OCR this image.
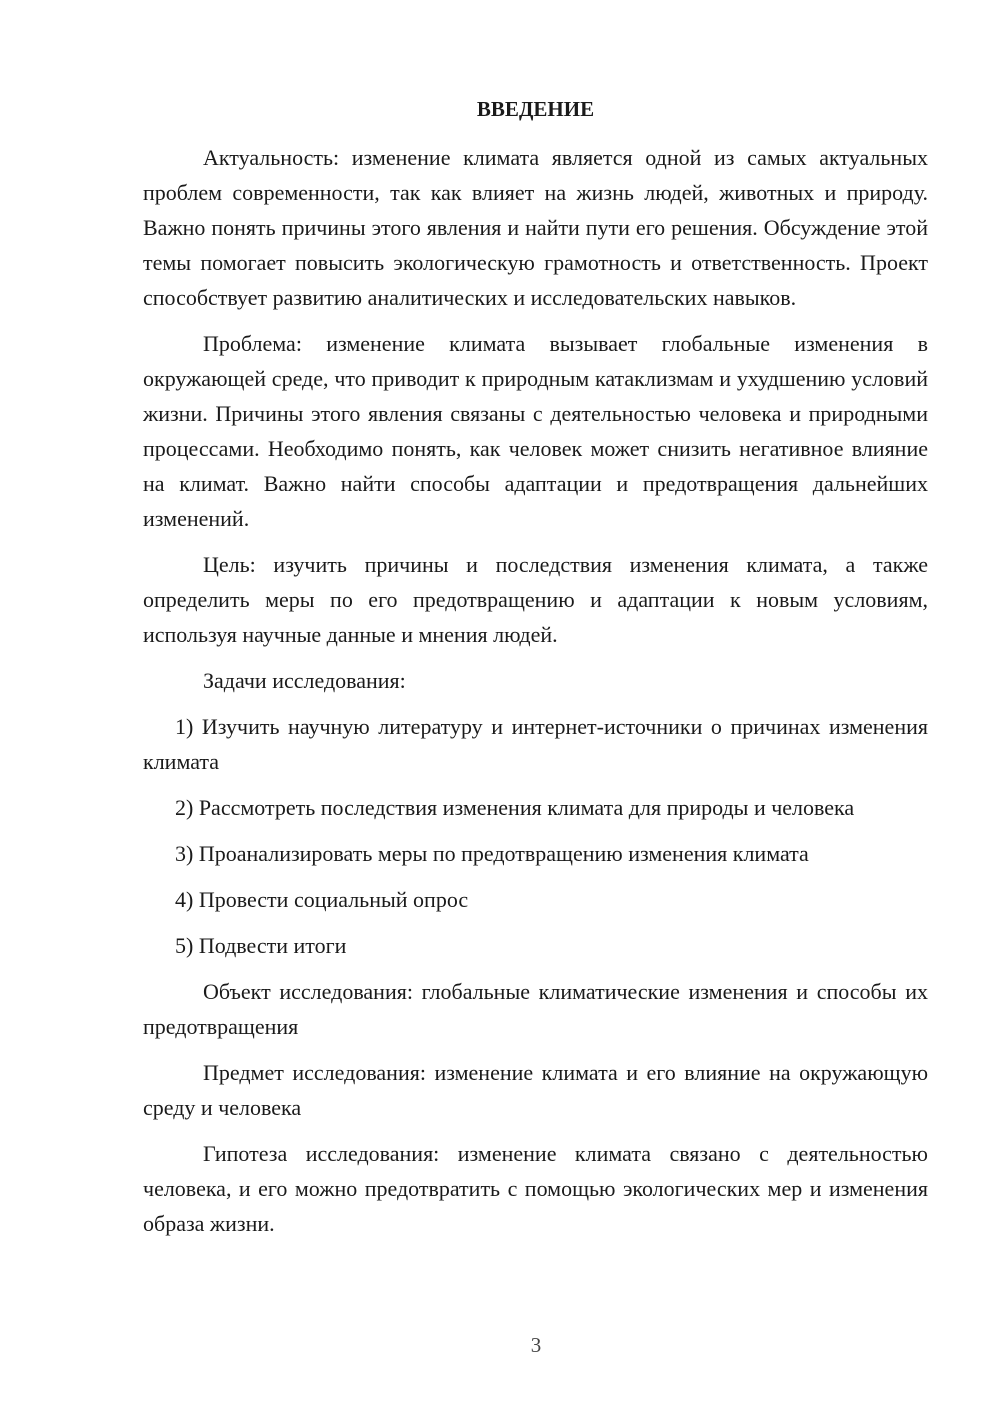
ВВЕДЕНИЕ

Актуальность: изменение климата является одной из самых актуальных проблем современности, так как влияет на жизнь людей, животных и природу. Важно понять причины этого явления и найти пути его решения. Обсуждение этой темы помогает повысить экологическую грамотность и ответственность. Проект способствует развитию аналитических и исследовательских навыков.

Проблема: изменение климата вызывает глобальные изменения в окружающей среде, что приводит к природным катаклизмам и ухудшению условий жизни. Причины этого явления связаны с деятельностью человека и природными процессами. Необходимо понять, как человек может снизить негативное влияние на климат. Важно найти способы адаптации и предотвращения дальнейших изменений.

Цель: изучить причины и последствия изменения климата, а также определить меры по его предотвращению и адаптации к новым условиям, используя научные данные и мнения людей.

Задачи исследования:

1) Изучить научную литературу и интернет-источники о причинах изменения климата

2) Рассмотреть последствия изменения климата для природы и человека

3) Проанализировать меры по предотвращению изменения климата

4) Провести социальный опрос

5) Подвести итоги

Объект исследования: глобальные климатические изменения и способы их предотвращения

Предмет исследования: изменение климата и его влияние на окружающую среду и человека

Гипотеза исследования: изменение климата связано с деятельностью человека, и его можно предотвратить с помощью экологических мер и изменения образа жизни.

3
